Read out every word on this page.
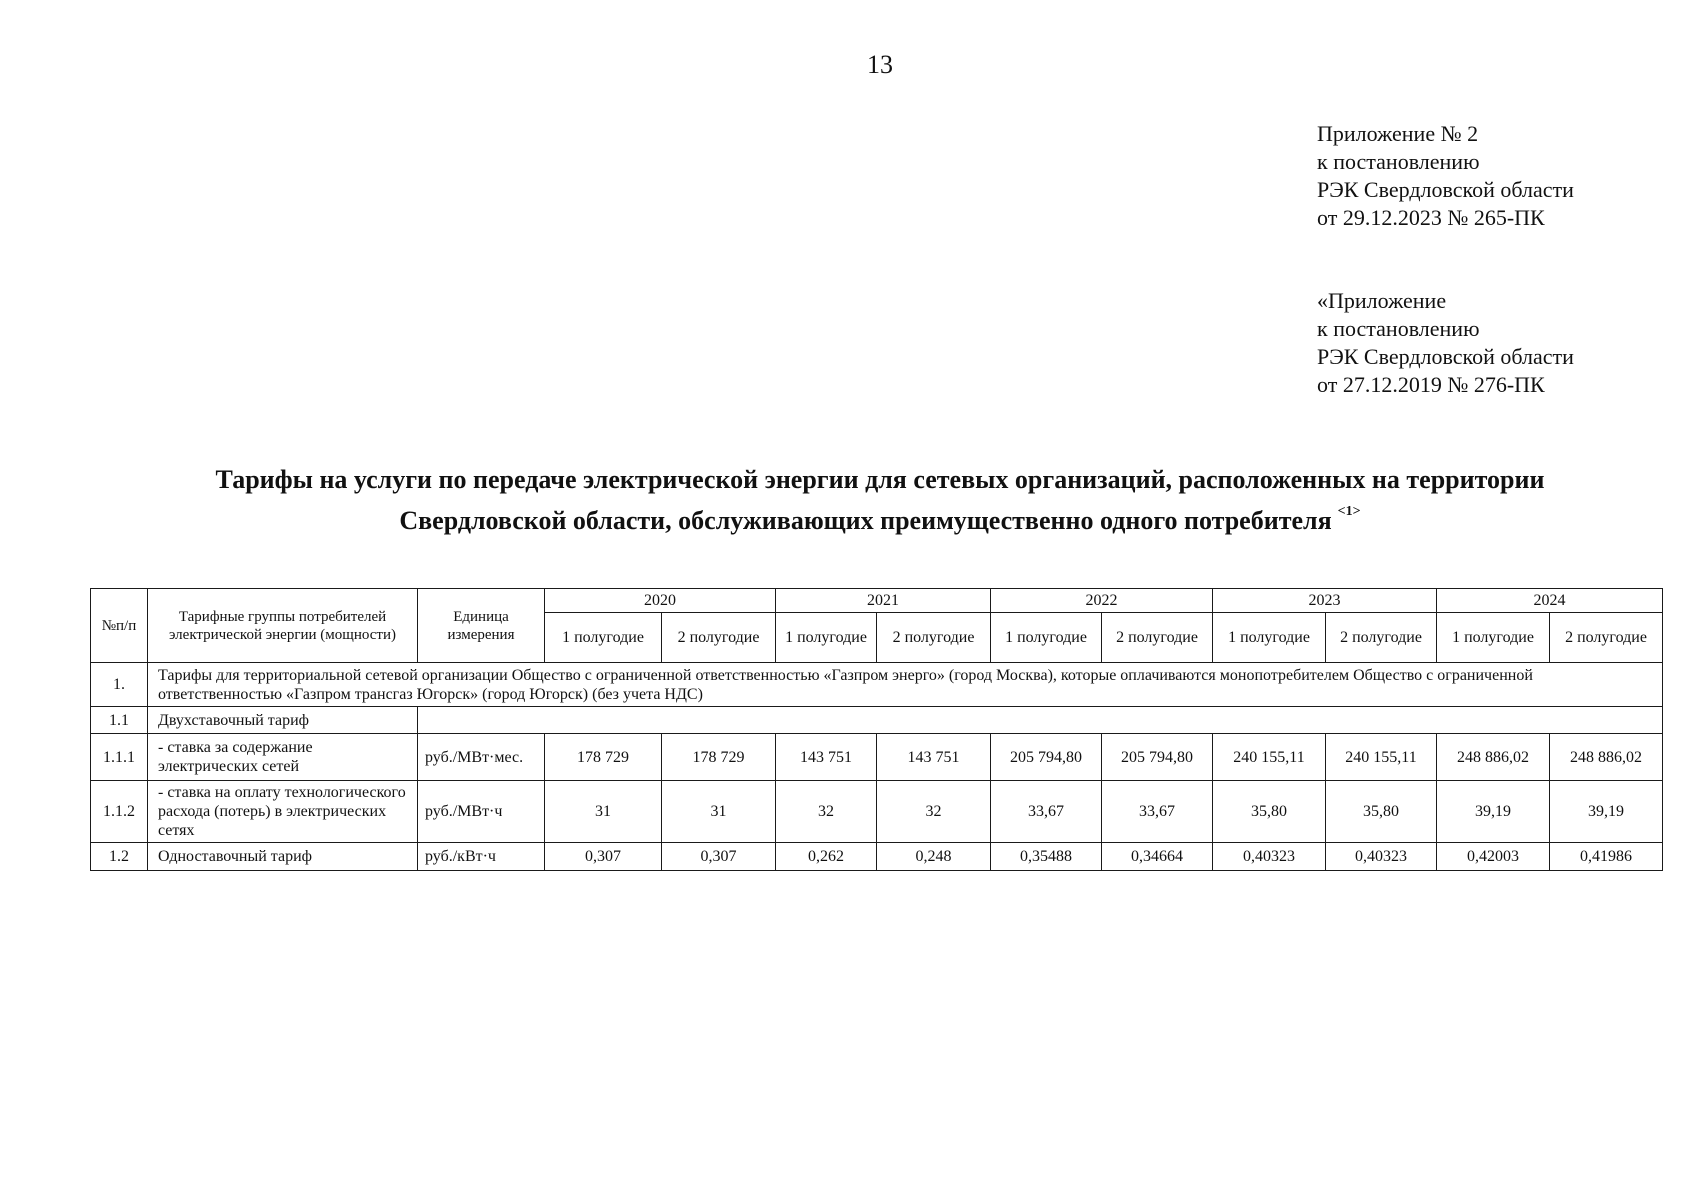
13
Приложение № 2
к постановлению
РЭК Свердловской области
от 29.12.2023 № 265-ПК
«Приложение
к постановлению
РЭК Свердловской области
от 27.12.2019 № 276-ПК
Тарифы на услуги по передаче электрической энергии для сетевых организаций, расположенных на территории
Свердловской области, обслуживающих преимущественно одного потребителя $^{<1>}$
№п/п	Тарифные группы потребителей электрической энергии (мощности)	Единица измерения	2020		2021		2022		2023		2024	
			1 полугодие	2 полугодие	1 полугодие	2 полугодие	1 полугодие	2 полугодие	1 полугодие	2 полугодие	1 полугодие	2 полугодие
1.	Тарифы для территориальной сетевой организации Общество с ограниченной ответственностью «Газпром энерго» (город Москва), которые оплачиваются монопотребителем Общество с ограниченной ответственностью «Газпром трансгаз Югорск» (город Югорск) (без учета НДС)											
1.1	Двухставочный тариф											
1.1.1	- ставка за содержание электрических сетей	руб./МВт·мес.	178 729	178 729	143 751	143 751	205 794,80	205 794,80	240 155,11	240 155,11	248 886,02	248 886,02
1.1.2	- ставка на оплату технологического расхода (потерь) в электрических сетях	руб./МВт·ч	31	31	32	32	33,67	33,67	35,80	35,80	39,19	39,19
1.2	Одноставочный тариф	руб./кВт·ч	0,307	0,307	0,262	0,248	0,35488	0,34664	0,40323	0,40323	0,42003	0,41986
